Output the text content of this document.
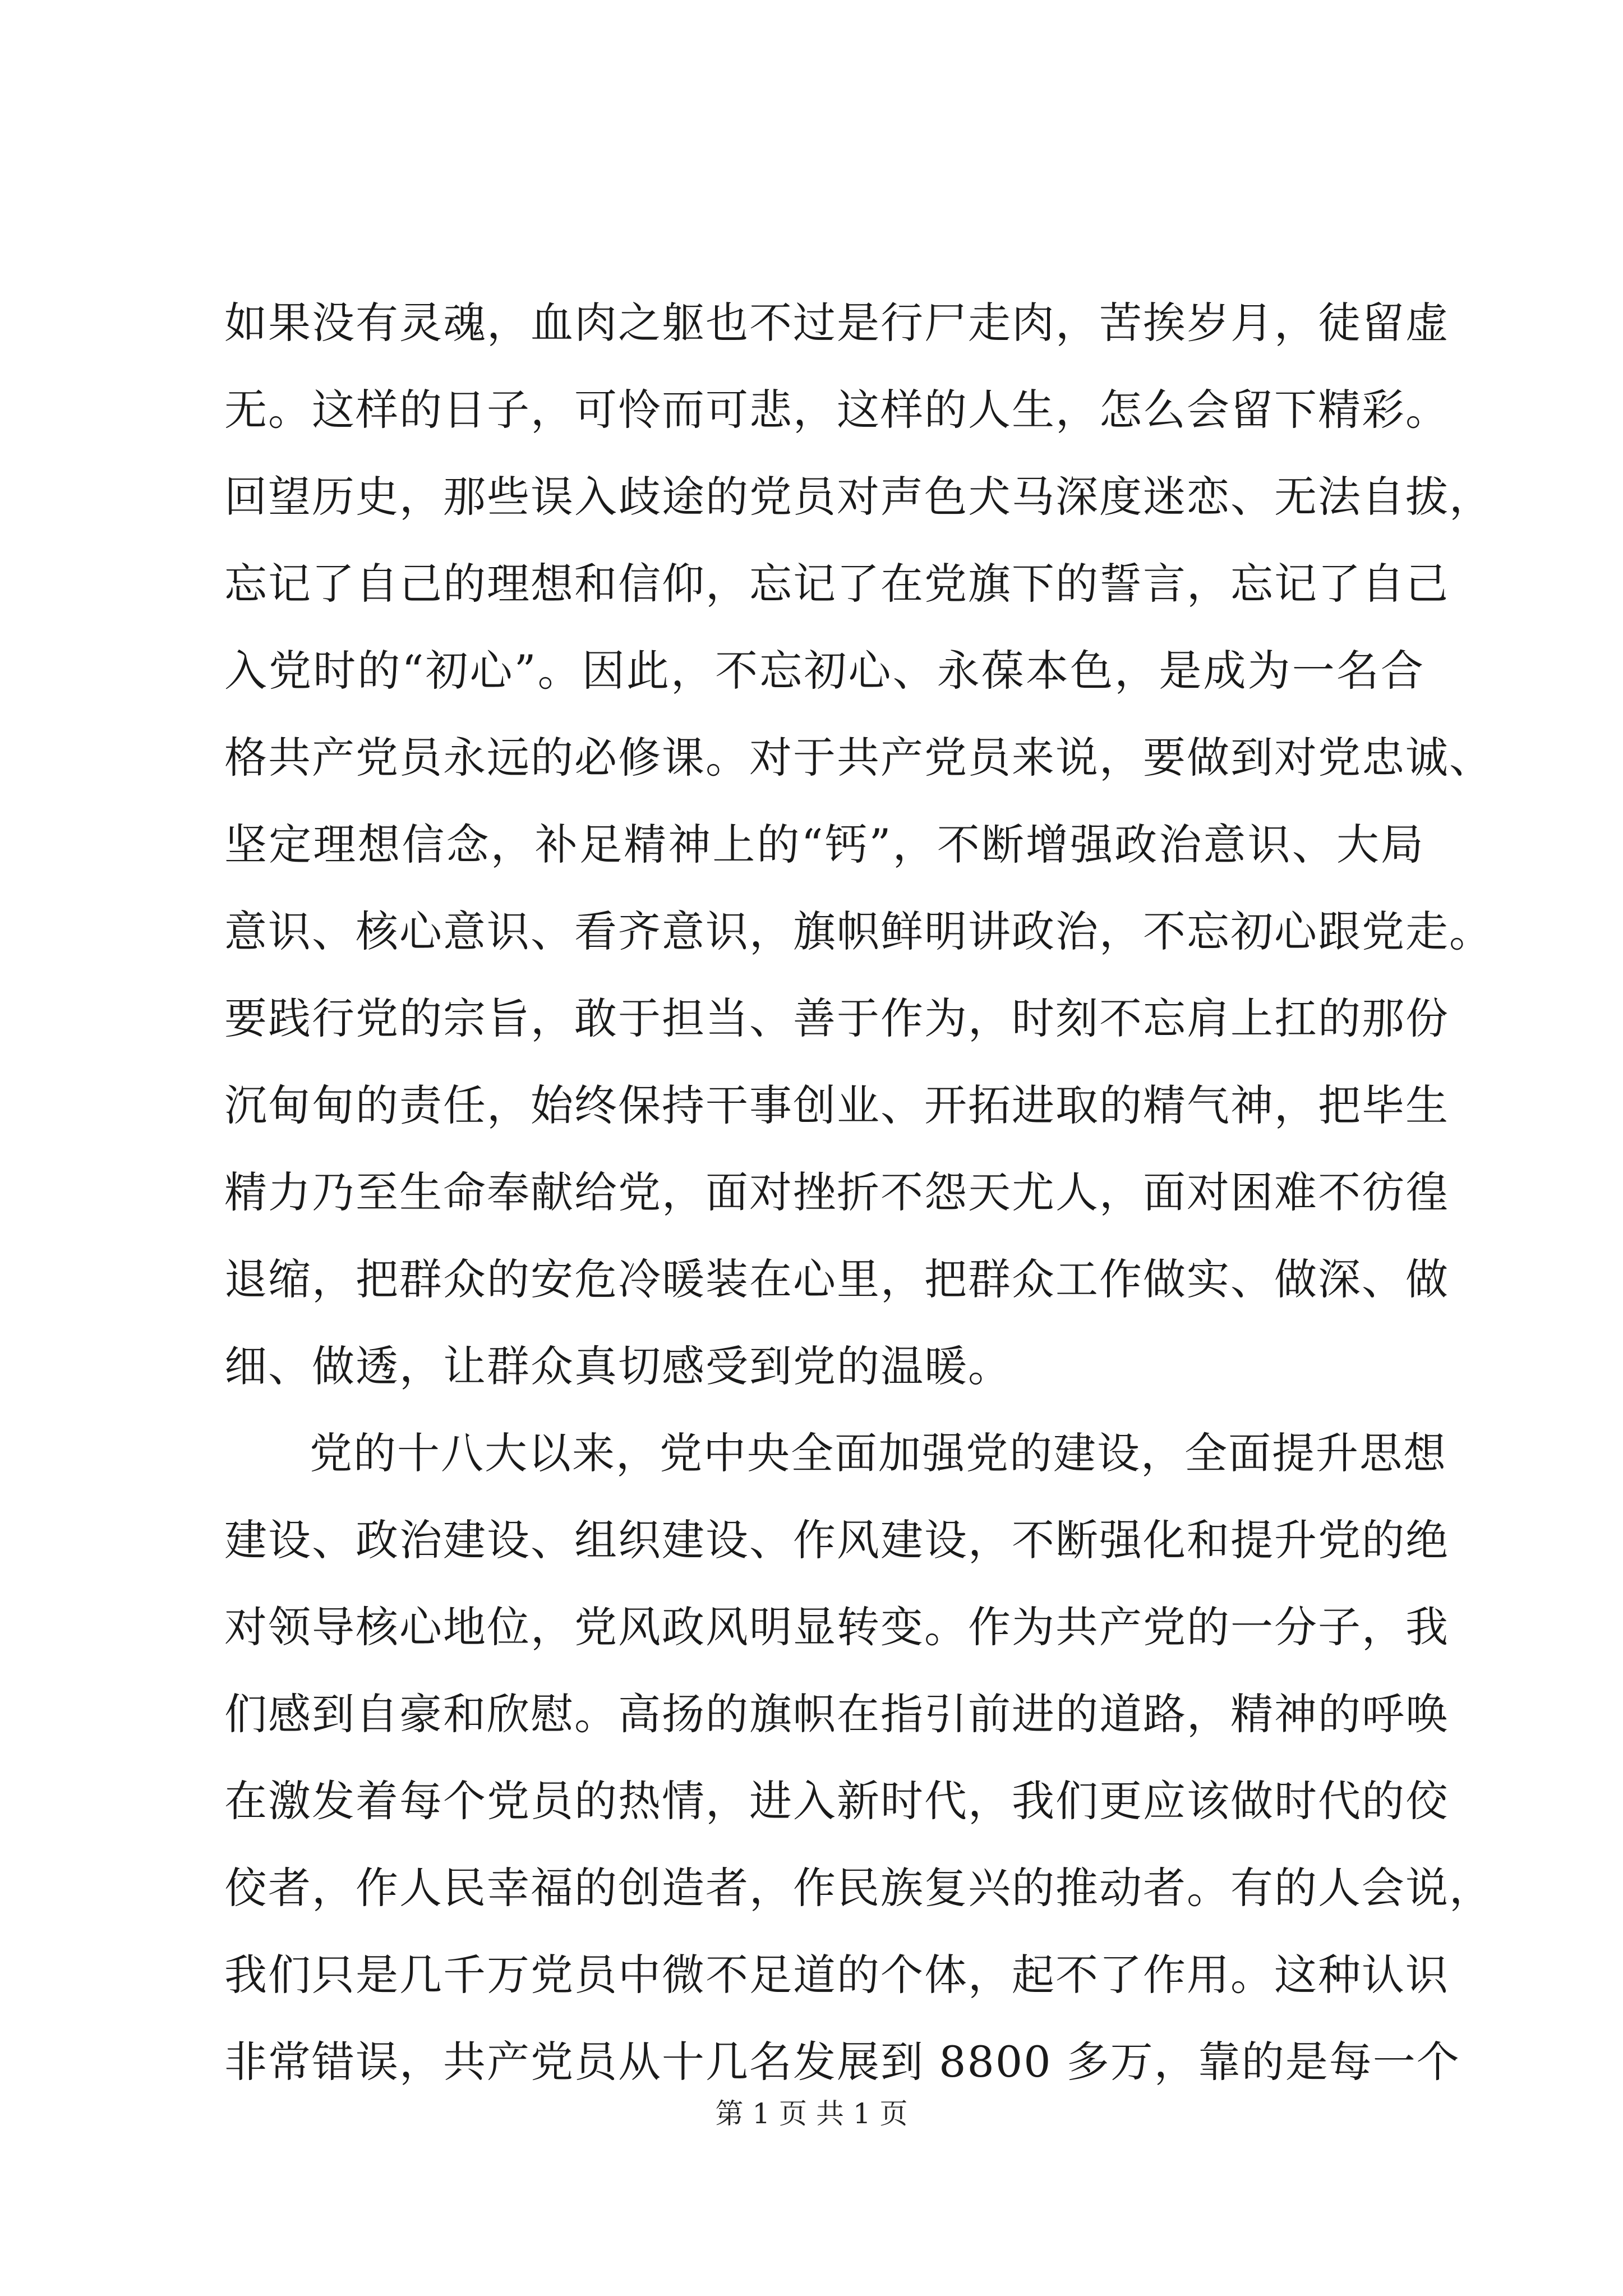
如果没有灵魂，血肉之躯也不过是行尸走肉，苦挨岁月，徒留虚
无。这样的日子，可怜而可悲，这样的人生，怎么会留下精彩。
回望历史，那些误入歧途的党员对声色犬马深度迷恋、无法自拔，
忘记了自己的理想和信仰，忘记了在党旗下的誓言，忘记了自己
入党时的“初心”。因此，不忘初心、永葆本色，是成为一名合
格共产党员永远的必修课。对于共产党员来说，要做到对党忠诚、
坚定理想信念，补足精神上的“钙”，不断增强政治意识、大局
意识、核心意识、看齐意识，旗帜鲜明讲政治，不忘初心跟党走。
要践行党的宗旨，敢于担当、善于作为，时刻不忘肩上扛的那份
沉甸甸的责任，始终保持干事创业、开拓进取的精气神，把毕生
精力乃至生命奉献给党，面对挫折不怨天尤人，面对困难不彷徨
退缩，把群众的安危冷暖装在心里，把群众工作做实、做深、做
细、做透，让群众真切感受到党的温暖。
党的十八大以来，党中央全面加强党的建设，全面提升思想
建设、政治建设、组织建设、作风建设，不断强化和提升党的绝
对领导核心地位，党风政风明显转变。作为共产党的一分子，我
们感到自豪和欣慰。高扬的旗帜在指引前进的道路，精神的呼唤
在激发着每个党员的热情，进入新时代，我们更应该做时代的佼
佼者，作人民幸福的创造者，作民族复兴的推动者。有的人会说，
我们只是几千万党员中微不足道的个体，起不了作用。这种认识
非常错误，共产党员从十几名发展到 8800 多万，靠的是每一个
第 1 页 共 1 页
